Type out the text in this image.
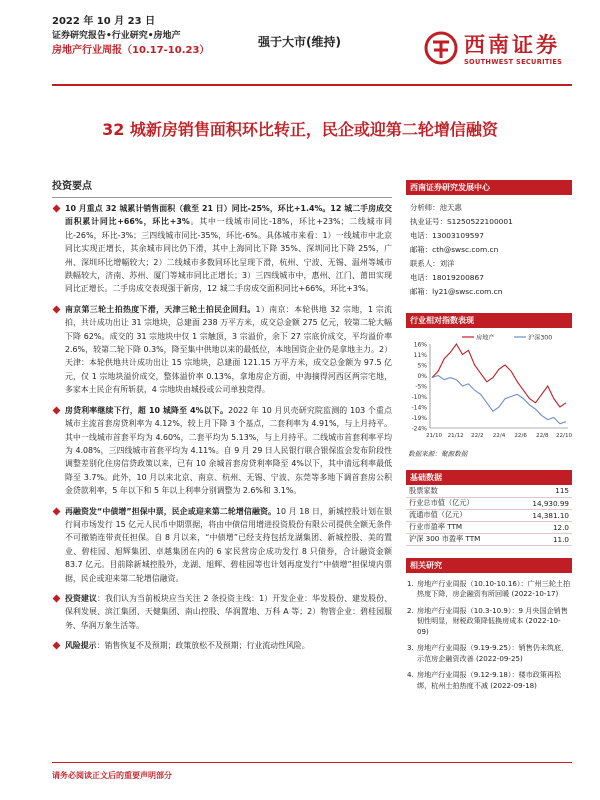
2022 年 10 月 23 日
证券研究报告•行业研究•房地产
房地产行业周报（10.17-10.23）
强于大市(维持)	西南证券
SOUTHWEST SECURITIES
32 城新房销售面积环比转正，民企或迎第二轮增信融资
投资要点
10 月重点 32 城累计销售面积（截至 21 日）同比-25%，环比+1.4%。12 城二手房成交面积累计同比+66%，环比+3%。其中一线城市同比-18%，环比+23%；二线城市同比-26%，环比-3%；三四线城市同比-35%，环比-6%。具体城市来看：1）一线城市中北京同比实现正增长，其余城市同比仍下滑，其中上海同比下降 35%、深圳同比下降 25%，广州、深圳环比增幅较大；2）二线城市多数同环比呈现下滑，杭州、宁波、无锡、温州等城市跌幅较大，济南、苏州、厦门等城市同比正增长；3）三四线城市中，惠州、江门、莆田实现同比正增长。二手房成交表现强于新房，12 城二手房成交面积同比+66%，环比+3%。
南京第三轮土拍热度下滑，天津三轮土拍民企回归。1）南京：本轮供地 32 宗地，1 宗流拍，共计成功出让 31 宗地块，总建面 238 万平方米，成交总金额 275 亿元，较第二轮大幅下降 62%。成交的 31 宗地块中仅 1 宗触顶，3 宗溢价，余下 27 宗底价成交，平均溢价率 2.6%，较第二轮下降 0.3%，降至集中供地以来的最低位，本地国资企业仍是拿地主力。2）天津：本轮供地共计成功出让 15 宗地块，总建面 121.15 万平方米，成交总金额为 97.5 亿元，仅 1 宗地块溢价成交，整体溢价率 0.13%，拿地房企方面，中海摘得河西区两宗宅地，多家本土民企有所斩获，4 宗地块由城投或公司单独竞得。
房贷利率继续下行，超 10 城降至 4%以下。2022 年 10 月贝壳研究院监测的 103 个重点城市主流首套房贷利率为 4.12%，较上月下降 3 个基点，二套利率为 4.91%，与上月持平。其中一线城市首套平均为 4.60%，二套平均为 5.13%，与上月持平。二线城市首套利率平均为 4.08%，三四线城市首套平均为 4.11%。自 9 月 29 日人民银行联合银保监会发布阶段性调整差别化住房信贷政策以来，已有 10 余城首套房贷利率降至 4%以下，其中清远利率最低降至 3.7%。此外，10 月以来北京、南京、杭州、无锡、宁波、东莞等多地下调首套房公积金贷款利率，5 年以下和 5 年以上利率分别调整为 2.6%和 3.1%。
再融资发“中债增”担保中票，民企或迎来第二轮增信融资。10 月 18 日，新城控股计划在银行间市场发行 15 亿元人民币中期票据，将由中债信用增进投资股份有限公司提供全额无条件不可撤销连带责任担保。自 8 月以来，“中债增”已经支持包括龙湖集团、新城控股、美的置业、碧桂园、旭辉集团、卓越集团在内的 6 家民营房企成功发行 8 只债券，合计融资金额 83.7 亿元。目前除新城控股外，龙湖、旭辉、碧桂园等也计划再度发行“中债增”担保境内票据，民企或迎来第二轮增信融资。
投资建议：我们认为当前板块应当关注 2 条投资主线：1）开发企业：华发股份、建发股份、保利发展、滨江集团、天健集团、南山控股、华润置地、万科 A 等；2）物管企业：碧桂园服务、华润万象生活等。
风险提示：销售恢复不及预期；政策放松不及预期；行业流动性风险。
西南证券研究发展中心
分析师：池天惠
执业证号：S1250522100001
电话：13003109597
邮箱：cth@swsc.com.cn
联系人：刘洋
电话：18019200867
邮箱：ly21@swsc.com.cn
行业相对指数表现
16%
11%
5%
0%
-5%
-10%
-14%
-19%
-24%
21/10 21/12 22/2 22/4 22/6 22/8 22/10
房地产	沪深300
数据来源：聚源数据
基础数据
股票家数	115
行业总市值（亿元）	14,930.99
流通市值（亿元）	14,381.10
行业市盈率 TTM	12.0
沪深 300 市盈率 TTM	11.0
相关研究
1. 房地产行业周报（10.10-10.16）：广州三轮土拍热度下降，房企融资有所回暖 (2022-10-17)
2. 房地产行业周报（10.3-10.9）：9 月央国企销售韧性明显，财税政策降低换房成本 (2022-10-09)
3. 房地产行业周报（9.19-9.25）：销售仍未筑底，示范房企融资改善 (2022-09-25)
4. 房地产行业周报（9.12-9.18）：楼市政策再松绑，杭州土拍热度不减 (2022-09-18)
请务必阅读正文后的重要声明部分
